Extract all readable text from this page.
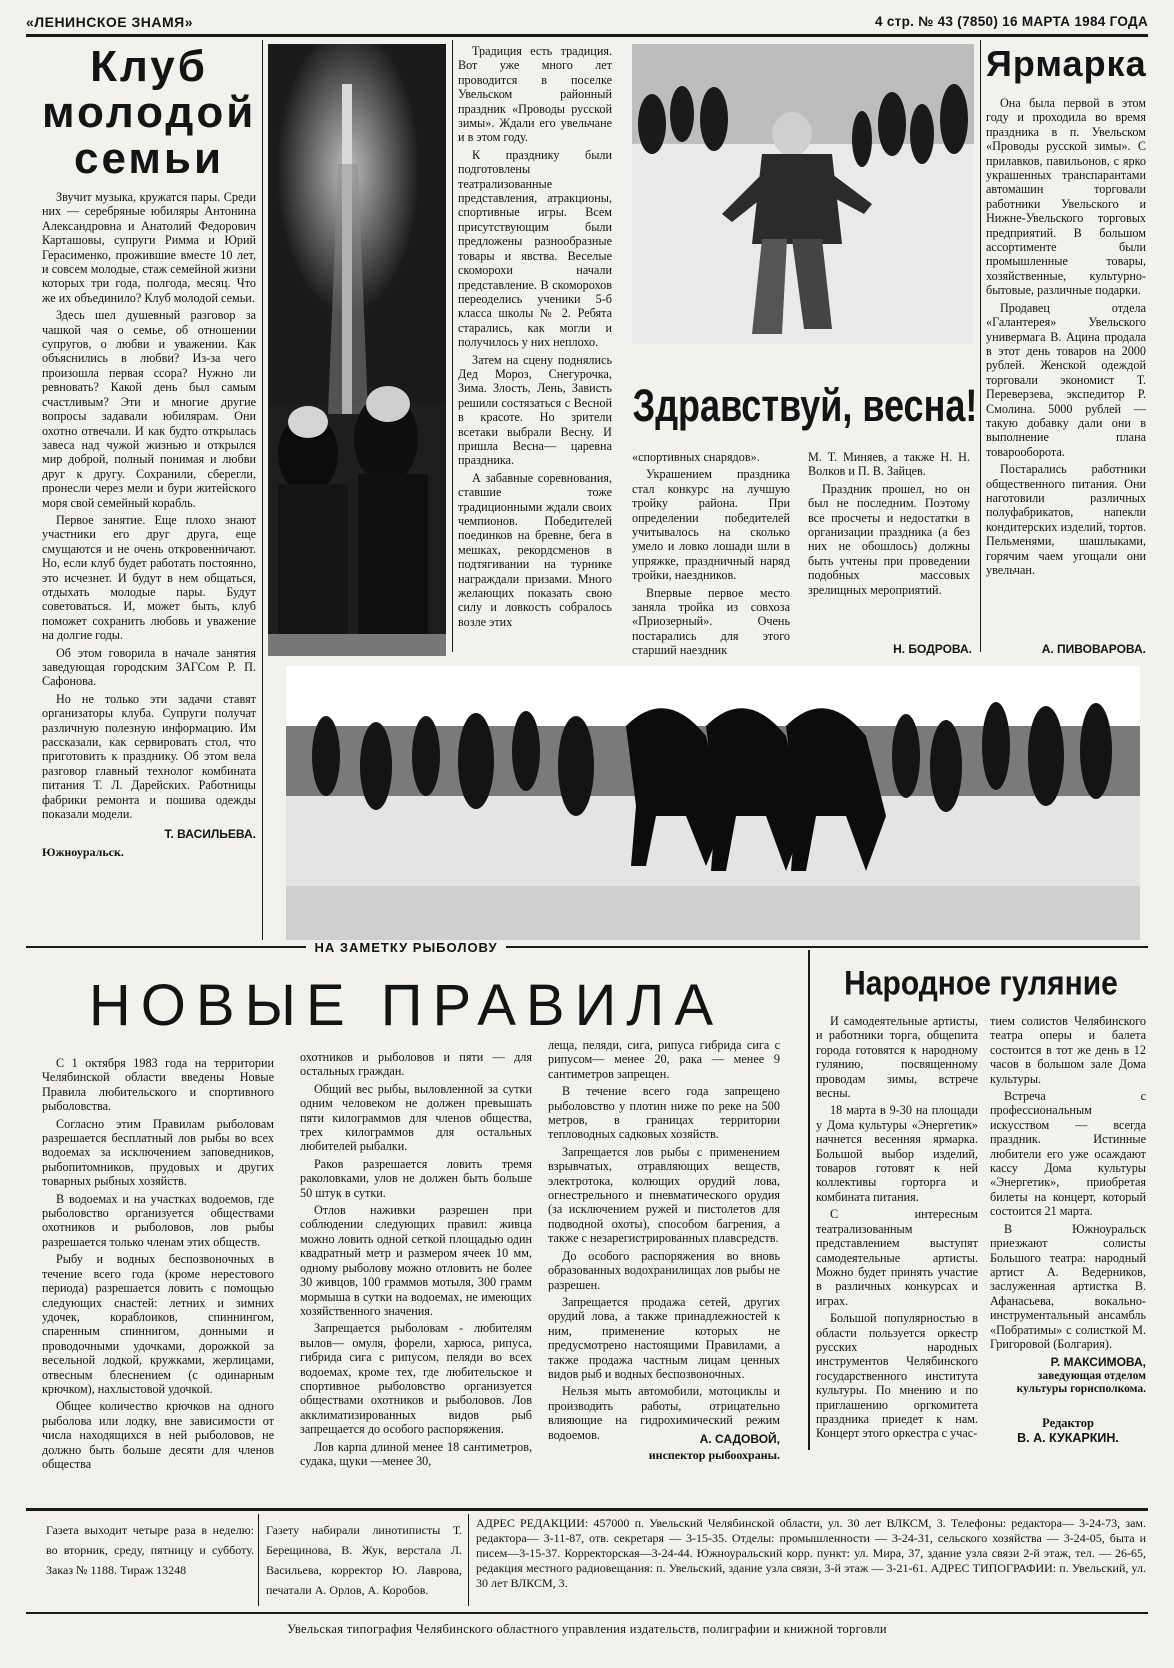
«ЛЕНИНСКОЕ ЗНАМЯ»	4 стр. № 43 (7850) 16 МАРТА 1984 ГОДА
Клуб молодой семьи

Звучит музыка, кружатся пары. Среди них — серебряные юбиляры Антонина Александровна и Анатолий Федорович Карташовы, супруги Римма и Юрий Герасименко, прожившие вместе 10 лет, и совсем молодые, стаж семейной жизни которых три года, полгода, месяц. Что же их объединило? Клуб молодой семьи.

Здесь шел душевный разговор за чашкой чая о семье, об отношении супругов, о любви и уважении. Как объяснились в любви? Из-за чего произошла первая ссора? Нужно ли ревновать? Какой день был самым счастливым? Эти и многие другие вопросы задавали юбилярам. Они охотно отвечали. И как будто открылась завеса над чужой жизнью и открылся мир доброй, полный понимая и любви друг к другу. Сохранили, сберегли, пронесли через мели и бури житейского моря свой семейный корабль.

Первое занятие. Еще плохо знают участники его друг друга, еще смущаются и не очень откровенничают. Но, если клуб будет работать постоянно, это исчезнет. И будут в нем общаться, отдыхать молодые пары. Будут советоваться. И, может быть, клуб поможет сохранить любовь и уважение на долгие годы.

Об этом говорила в начале занятия заведующая городским ЗАГСом Р. П. Сафонова.

Но не только эти задачи ставят организаторы клуба. Супруги получат различную полезную информацию. Им рассказали, как сервировать стол, что приготовить к празднику. Об этом вела разговор главный технолог комбината питания Т. Л. Дарейских. Работницы фабрики ремонта и пошива одежды показали модели.

Т. ВАСИЛЬЕВА.
Южноуральск.

Традиция есть традиция. Вот уже много лет проводится в поселке Увельском районный праздник «Проводы русской зимы». Ждали его увельчане и в этом году.

К празднику были подготовлены театрализованные представления, атракционы, спортивные игры. Всем присутствующим были предложены разнообразные товары и явства. Веселые скоморохи начали представление. В скоморохов переоделись ученики 5-б класса школы № 2. Ребята старались, как могли и получилось у них неплохо.

Затем на сцену поднялись Дед Мороз, Снегурочка, Зима. Злость, Лень, Зависть решили состязаться с Весной в красоте. Но зрители всетаки выбрали Весну. И пришла Весна— царевна праздника.

А забавные соревнования, ставшие тоже традиционными ждали своих чемпионов. Победителей поединков на бревне, бега в мешках, рекордсменов в подтягивании на турнике награждали призами. Много желающих показать свою силу и ловкость собралось возле этих

Здравствуй, весна!

«спортивных снарядов».

Украшением праздника стал конкурс на лучшую тройку района. При определении победителей учитывалось на сколько умело и ловко лошади шли в упряжке, праздничный наряд тройки, наездников.

Впервые первое место заняла тройка из совхоза «Приозерный». Очень постарались для этого старший наездник

М. Т. Миняев, а также Н. Н. Волков и П. В. Зайцев.

Праздник прошел, но он был не последним. Поэтому все просчеты и недостатки в организации праздника (а без них не обошлось) должны быть учтены при проведении подобных массовых зрелищных мероприятий.

Н. БОДРОВА.
Ярмарка

Она была первой в этом году и проходила во время праздника в п. Увельском «Проводы русской зимы». С прилавков, павильонов, с ярко украшенных транспарантами автомашин торговали работники Увельского и Нижне-Увельского торговых предприятий. В большом ассортименте были промышленные товары, хозяйственные, культурно-бытовые, различные подарки.

Продавец отдела «Галантерея» Увельского универмага В. Ацина продала в этот день товаров на 2000 рублей. Женской одеждой торговали экономист Т. Переверзева, экспедитор Р. Смолина. 5000 рублей — такую добавку дали они в выполнение плана товарооборота.

Постарались работники общественного питания. Они наготовили различных полуфабрикатов, напекли кондитерских изделий, тортов. Пельменями, шашлыками, горячим чаем угощали они увельчан.

А. ПИВОВАРОВА.
$^{НА ЗАМЕТКУ РЫБОЛОВУ}$
НОВЫЕ ПРАВИЛА

С 1 октября 1983 года на территории Челябинской области введены Новые Правила любительского и спортивного рыболовства.

Согласно этим Правилам рыболовам разрешается бесплатный лов рыбы во всех водоемах за исключением заповедников, рыбопитомников, прудовых и других товарных рыбных хозяйств.

В водоемах и на участках водоемов, где рыболовство организуется обществами охотников и рыболовов, лов рыбы разрешается только членам этих обществ.

Рыбу и водных беспозвоночных в течение всего года (кроме нерестового периода) разрешается ловить с помощью следующих снастей: летних и зимних удочек, кораблоиков, спиннингом, спаренным спиннигом, донными и проводочными удочками, дорожкой за весельной лодкой, кружками, жерлицами, отвесным блеснением (с одинарным крючком), нахлыстовой удочкой.

Общее количество крючков на одного рыболова или лодку, вне зависимости от числа находящихся в ней рыболовов, не должно быть больше десяти для членов общества

охотников и рыболовов и пяти — для остальных граждан.

Общий вес рыбы, выловленной за сутки одним человеком не должен превышать пяти килограммов для членов общества, трех килограммов для остальных любителей рыбалки.

Раков разрешается ловить тремя раколовками, улов не должен быть больше 50 штук в сутки.

Отлов наживки разрешен при соблюдении следующих правил: живца можно ловить одной сеткой площадью один квадратный метр и размером ячеек 10 мм, одному рыболову можно отловить не более 30 живцов, 100 граммов мотыля, 300 грамм мормыша в сутки на водоемах, не имеющих хозяйственного значения.

Запрещается рыболовам - любителям вылов— омуля, форели, харюса, рипуса, гибрида сига с рипусом, пеляди во всех водоемах, кроме тех, где любительское и спортивное рыболовство организуется обществами охотников и рыболовов. Лов акклиматизированных видов рыб запрещается до особого распоряжения.

Лов карпа длиной менее 18 сантиметров, судака, щуки —менее 30,

леща, пеляди, сига, рипуса гибрида сига с рипусом— менее 20, рака — менее 9 сантиметров запрещен.

В течение всего года запрещено рыболовство у плотин ниже по реке на 500 метров, в границах территории тепловодных садковых хозяйств.

Запрещается лов рыбы с применением взрывчатых, отравляющих веществ, электротока, колющих орудий лова, огнестрельного и пневматического орудия (за исключением ружей и пистолетов для подводной охоты), способом багрения, а также с незарегистрированных плавсредств.

До особого распоряжения во вновь образованных водохранилищах лов рыбы не разрешен.

Запрещается продажа сетей, других орудий лова, а также принадлежностей к ним, применение которых не предусмотрено настоящими Правилами, а также продажа частным лицам ценных видов рыб и водных беспозвоночных.

Нельзя мыть автомобили, мотоциклы и производить работы, отрицательно влияющие на гидрохимический режим водоемов.	А. САДОВОЙ,
инспектор рыбоохраны.
Народное гуляние

И самодеятельные артисты, и работники торга, общепита города готовятся к народному гулянию, посвященному проводам зимы, встрече весны.

18 марта в 9-30 на площади у Дома культуры «Энергетик» начнется весенняя ярмарка. Большой выбор изделий, товаров готовят к ней коллективы горторга и комбината питания.

С интересным театрализованным представлением выступят самодеятельные артисты. Можно будет принять участие в различных конкурсах и играх.

Большой популярностью в области пользуется оркестр русских народных инструментов Челябинского государственного института культуры. По мнению и по приглашению оргкомитета праздника приедет к нам. Концерт этого оркестра с учас-

тием солистов Челябинского театра оперы и балета состоится в тот же день в 12 часов в большом зале Дома культуры.

Встреча с профессиональным искусством — всегда праздник. Истинные любители его уже осаждают кассу Дома культуры «Энергетик», приобретая билеты на концерт, который состоится 21 марта.

В Южноуральск приезжают солисты Большого театра: народный артист А. Ведерников, заслуженная артистка В. Афанасьева, вокально-инструментальный ансамбль «Побратимы» с солисткой М. Григоровой (Болгария).

Р. МАКСИМОВА,
заведующая отделом культуры горисполкома.
Редактор
В. А. КУКАРКИН.
Газета выходит четыре раза в неделю: во вторник, среду, пятницу и субботу. Заказ № 1188. Тираж 13248
Газету набирали линотиписты Т. Берещинова, В. Жук, верстала Л. Васильева, корректор Ю. Лаврова, печатали А. Орлов, А. Коробов.
АДРЕС РЕДАКЦИИ: 457000 п. Увельский Челябинской области, ул. 30 лет ВЛКСМ, 3. Телефоны: редактора— 3-24-73, зам. редактора— 3-11-87, отв. секретаря — 3-15-35. Отделы: промышленности — 3-24-31, сельского хозяйства — 3-24-05, быта и писем—3-15-37. Корректорская—3-24-44. Южноуральский корр. пункт: ул. Мира, 37, здание узла связи 2-й этаж, тел. — 26-65, редакция местного радиовещания: п. Увельский, здание узла связи, 3-й этаж — 3-21-61. АДРЕС ТИПОГРАФИИ: п. Увельский, ул. 30 лет ВЛКСМ, 3.
Увельская типография Челябинского областного управления издательств, полиграфии и книжной торговли
